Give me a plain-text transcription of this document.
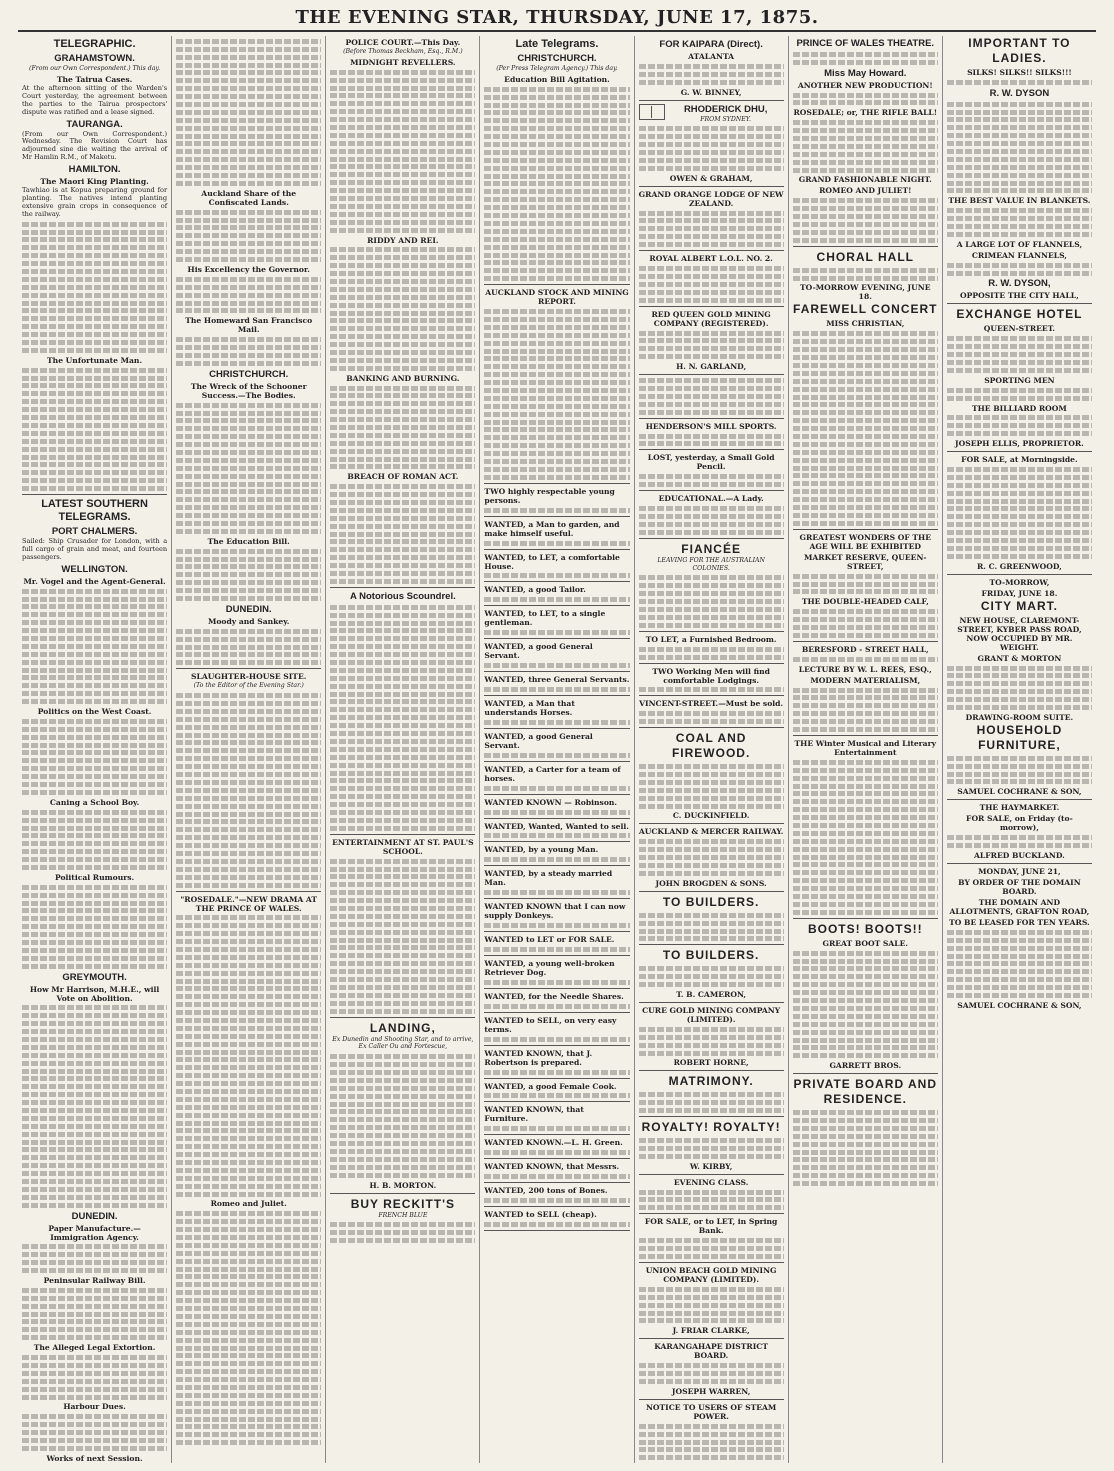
THE EVENING STAR, THURSDAY, JUNE 17, 1875.
TELEGRAPHIC.
GRAHAMSTOWN.
(From our Own Correspondent.) This day.
The Tairua Cases.

At the afternoon sitting of the Warden's Court yesterday, the agreement between the parties to the Tairua prospectors' dispute was ratified and a lease signed.

TAURANGA.

(From our Own Correspondent.) Wednesday. The Revision Court has adjourned sine die waiting the arrival of Mr Hamlin R.M., of Maketu.

HAMILTON.
The Maori King Planting.

Tawhiao is at Kopua preparing ground for planting. The natives intend planting extensive grain crops in consequence of the railway.

The Unfortunate Man.
LATEST SOUTHERN TELEGRAMS.
PORT CHALMERS.

Sailed: Ship Crusader for London, with a full cargo of grain and meat, and fourteen passengers.

WELLINGTON.
Mr. Vogel and the Agent-General.
Politics on the West Coast.
Caning a School Boy.
Political Rumours.
GREYMOUTH.
How Mr Harrison, M.H.E., will Vote on Abolition.
DUNEDIN.
Paper Manufacture.—Immigration Agency.
Peninsular Railway Bill.
The Alleged Legal Extortion.
Harbour Dues.
Works of next Session.
Auckland Share of the Confiscated Lands.
His Excellency the Governor.
The Homeward San Francisco Mail.
CHRISTCHURCH.
The Wreck of the Schooner Success.—The Bodies.
The Education Bill.
DUNEDIN.
Moody and Sankey.
SLAUGHTER-HOUSE SITE.
(To the Editor of the Evening Star.)
"ROSEDALE."—NEW DRAMA AT THE PRINCE OF WALES.
Romeo and Juliet.
POLICE COURT.—This Day.
(Before Thomas Beckham, Esq., R.M.)
MIDNIGHT REVELLERS.
RIDDY AND REI.
BANKING AND BURNING.
BREACH OF ROMAN ACT.
A Notorious Scoundrel.
ENTERTAINMENT AT ST. PAUL'S SCHOOL.
LANDING,
Ex Dunedin and Shooting Star, and to arrive, Ex Caller Ou and Fortescue,
H. B. MORTON.
BUY RECKITT'S
FRENCH BLUE
Late Telegrams.
CHRISTCHURCH.
(Per Press Telegram Agency.) This day.
Education Bill Agitation.
AUCKLAND STOCK AND MINING REPORT.
TWO highly respectable young persons.
WANTED, a Man to garden, and make himself useful.
WANTED, to LET, a comfortable House.
WANTED, a good Tailor.
WANTED, to LET, to a single gentleman.
WANTED, a good General Servant.
WANTED, three General Servants.
WANTED, a Man that understands Horses.
WANTED, a good General Servant.
WANTED, a Carter for a team of horses.
WANTED KNOWN — Robinson.
WANTED, Wanted, Wanted to sell.
WANTED, by a young Man.
WANTED, by a steady married Man.
WANTED KNOWN that I can now supply Donkeys.
WANTED to LET or FOR SALE.
WANTED, a young well-broken Retriever Dog.
WANTED, for the Needle Shares.
WANTED to SELL, on very easy terms.
WANTED KNOWN, that J. Robertson is prepared.
WANTED, a good Female Cook.
WANTED KNOWN, that Furniture.
WANTED KNOWN.—L. H. Green.
WANTED KNOWN, that Messrs.
WANTED, 200 tons of Bones.
WANTED to SELL (cheap).
FOR KAIPARA (Direct).
ATALANTA
G. W. BINNEY,
RHODERICK DHU,
FROM SYDNEY.
OWEN & GRAHAM,
GRAND ORANGE LODGE OF NEW ZEALAND.
ROYAL ALBERT L.O.L. NO. 2.
RED QUEEN GOLD MINING COMPANY (REGISTERED).
H. N. GARLAND,
HENDERSON'S MILL SPORTS.
LOST, yesterday, a Small Gold Pencil.
EDUCATIONAL.—A Lady.
FIANCÉE
LEAVING FOR THE AUSTRALIAN COLONIES.
TO LET, a Furnished Bedroom.
TWO Working Men will find comfortable Lodgings.
VINCENT-STREET.—Must be sold.
COAL AND FIREWOOD.
C. DUCKINFIELD.
AUCKLAND & MERCER RAILWAY.
JOHN BROGDEN & SONS.
TO BUILDERS.
TO BUILDERS.
T. B. CAMERON,
CURE GOLD MINING COMPANY (LIMITED).
ROBERT HORNE,
MATRIMONY.
ROYALTY! ROYALTY!
W. KIRBY,
EVENING CLASS.
FOR SALE, or to LET, in Spring Bank.
UNION BEACH GOLD MINING COMPANY (LIMITED).
J. FRIAR CLARKE,
KARANGAHAPE DISTRICT BOARD.
JOSEPH WARREN,
NOTICE TO USERS OF STEAM POWER.
PRINCE OF WALES THEATRE.
Miss May Howard.
ANOTHER NEW PRODUCTION!
ROSEDALE; or, THE RIFLE BALL!
GRAND FASHIONABLE NIGHT.
ROMEO AND JULIET!
CHORAL HALL
TO-MORROW EVENING, JUNE 18.
FAREWELL CONCERT
MISS CHRISTIAN,
GREATEST WONDERS OF THE AGE WILL BE EXHIBITED
MARKET RESERVE, QUEEN-STREET,
THE DOUBLE-HEADED CALF,
BERESFORD - STREET HALL,
LECTURE BY W. L. REES, ESQ.,
MODERN MATERIALISM,
THE Winter Musical and Literary Entertainment
BOOTS! BOOTS!!
GREAT BOOT SALE.
GARRETT BROS.
PRIVATE BOARD AND RESIDENCE.
IMPORTANT TO LADIES.
SILKS! SILKS!! SILKS!!!
R. W. DYSON
THE BEST VALUE IN BLANKETS.
A LARGE LOT OF FLANNELS,
CRIMEAN FLANNELS,
R. W. DYSON,
OPPOSITE THE CITY HALL,
EXCHANGE HOTEL
QUEEN-STREET.
SPORTING MEN
THE BILLIARD ROOM
JOSEPH ELLIS, PROPRIETOR.
FOR SALE, at Morningside.
R. C. GREENWOOD,
TO-MORROW,
FRIDAY, JUNE 18.
CITY MART.
NEW HOUSE, CLAREMONT-STREET, KYBER PASS ROAD, NOW OCCUPIED BY MR. WEIGHT.
GRANT & MORTON
DRAWING-ROOM SUITE.
HOUSEHOLD FURNITURE,
SAMUEL COCHRANE & SON,
THE HAYMARKET.
FOR SALE, on Friday (to-morrow),
ALFRED BUCKLAND.
MONDAY, JUNE 21,
BY ORDER OF THE DOMAIN BOARD.
THE DOMAIN AND ALLOTMENTS, GRAFTON ROAD,
TO BE LEASED FOR TEN YEARS.
SAMUEL COCHRANE & SON,
